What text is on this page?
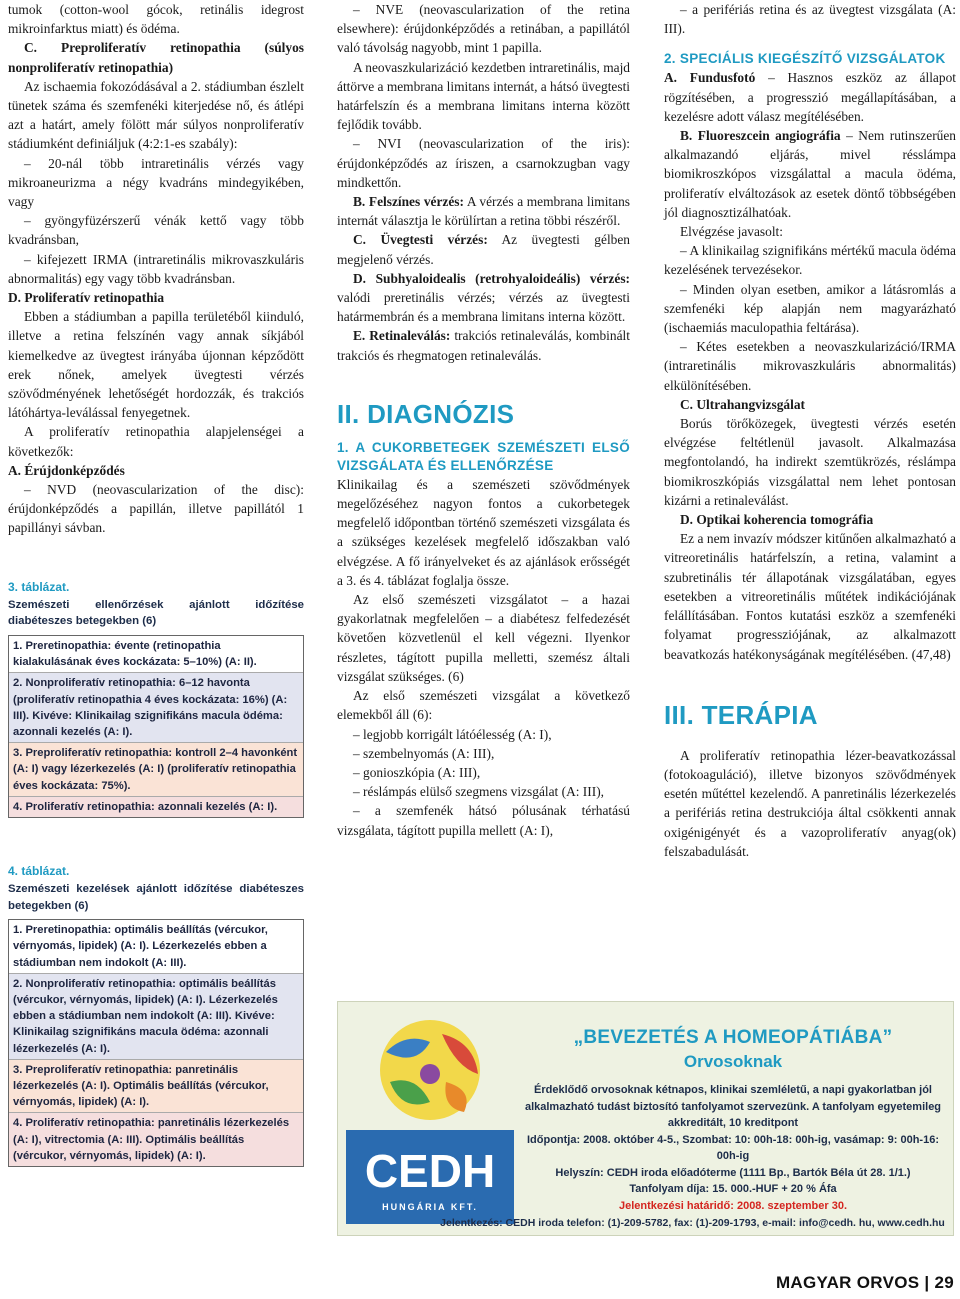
tumok (cotton-wool gócok, retinális idegrost mikroinfarktus miatt) és ödéma.

C. Preproliferatív retinopathia (súlyos nonproliferatív retinopathia)

Az ischaemia fokozódásával a 2. stádiumban észlelt tünetek száma és szemfenéki kiterjedése nő, és átlépi azt a határt, amely fölött már súlyos nonproliferatív stádiumként definiáljuk (4:2:1-es szabály):

– 20-nál több intraretinális vérzés vagy mikroaneurizma a négy kvadráns mindegyikében, vagy

– gyöngyfüzérszerű vénák kettő vagy több kvadránsban,

– kifejezett IRMA (intraretinális mikrovaszkuláris abnormalitás) egy vagy több kvadránsban.

D. Proliferatív retinopathia

Ebben a stádiumban a papilla területéből kiinduló, illetve a retina felszínén vagy annak síkjából kiemelkedve az üvegtest irányába újonnan képződött erek nőnek, amelyek üvegtesti vérzés szövődményének lehetőségét hordozzák, és trakciós látóhártya-leválással fenyegetnek.

A proliferatív retinopathia alapjelenségei a következők:

A. Érújdonképződés

– NVD (neovascularization of the disc): érújdonképződés a papillán, illetve papillától 1 papillányi sávban.

3. táblázat.
Szemészeti ellenőrzések ajánlott időzítése diabéteszes betegekben (6)
1. Preretinopathia: évente (retinopathia kialakulásának éves kockázata: 5–10%) (A: II).
2. Nonproliferatív retinopathia: 6–12 havonta (proliferatív retinopathia 4 éves kockázata: 16%) (A: III). Kivéve: Klinikailag szignifikáns macula ödéma: azonnali kezelés (A: I).
3. Preproliferatív retinopathia: kontroll 2–4 havonként (A: I) vagy lézerkezelés (A: I) (proliferatív retinopathia éves kockázata: 75%).
4. Proliferatív retinopathia: azonnali kezelés (A: I).
4. táblázat.
Szemészeti kezelések ajánlott időzítése diabéteszes betegekben (6)
1. Preretinopathia: optimális beállítás (vércukor, vérnyomás, lipidek) (A: I). Lézerkezelés ebben a stádiumban nem indokolt (A: III).
2. Nonproliferatív retinopathia: optimális beállítás (vércukor, vérnyomás, lipidek) (A: I). Lézerkezelés ebben a stádiumban nem indokolt (A: III). Kivéve: Klinikailag szignifikáns macula ödéma: azonnali lézerkezelés (A: I).
3. Preproliferatív retinopathia: panretinális lézerkezelés (A: I). Optimális beállítás (vércukor, vérnyomás, lipidek) (A: I).
4. Proliferatív retinopathia: panretinális lézerkezelés (A: I), vitrectomia (A: III). Optimális beállítás (vércukor, vérnyomás, lipidek) (A: I).

– NVE (neovascularization of the retina elsewhere): érújdonképződés a retinában, a papillától való távolság nagyobb, mint 1 papilla.

A neovaszkularizáció kezdetben intraretinális, majd áttörve a membrana limitans internát, a hátsó üvegtesti határfelszín és a membrana limitans interna között fejlődik tovább.

– NVI (neovascularization of the iris): érújdonképződés az íriszen, a csarnokzugban vagy mindkettőn.

B. Felszínes vérzés: A vérzés a membrana limitans internát választja le körülírtan a retina többi részéről.

C. Üvegtesti vérzés: Az üvegtesti gélben megjelenő vérzés.

D. Subhyaloidealis (retrohyaloideális) vérzés: valódi preretinális vérzés; vérzés az üvegtesti határmembrán és a membrana limitans interna között.

E. Retinaleválás: trakciós retinaleválás, kombinált trakciós és rhegmatogen retinaleválás.

II. DIAGNÓZIS
1. A CUKORBETEGEK SZEMÉSZETI ELSŐ VIZSGÁLATA ÉS ELLENŐRZÉSE

Klinikailag és a szemészeti szövődmények megelőzéséhez nagyon fontos a cukorbetegek megfelelő időpontban történő szemészeti vizsgálata és a szükséges kezelések megfelelő időszakban való elvégzése. A fő irányelveket és az ajánlások erősségét a 3. és 4. táblázat foglalja össze.

Az első szemészeti vizsgálatot – a hazai gyakorlatnak megfelelően – a diabétesz felfedezését követően közvetlenül el kell végezni. Ilyenkor részletes, tágított pupilla melletti, szemész általi vizsgálat szükséges. (6)

Az első szemészeti vizsgálat a következő elemekből áll (6):

– legjobb korrigált látóélesség (A: I),

– szembelnyomás (A: III),

– gonioszkópia (A: III),

– réslámpás elülső szegmens vizsgálat (A: III),

– a szemfenék hátsó pólusának térhatású vizsgálata, tágított pupilla mellett (A: I),

– a perifériás retina és az üvegtest vizsgálata (A: III).

2. SPECIÁLIS KIEGÉSZÍTŐ VIZSGÁLATOK

A. Fundusfotó – Hasznos eszköz az állapot rögzítésében, a progresszió megállapításában, a kezelésre adott válasz megítélésében.

B. Fluoreszcein angiográfia – Nem rutinszerűen alkalmazandó eljárás, mivel résslámpa biomikroszkópos vizsgálattal a macula ödéma, proliferatív elváltozások az esetek döntő többségében jól diagnosztizálhatóak.

Elvégzése javasolt:

– A klinikailag szignifikáns mértékű macula ödéma kezelésének tervezésekor.

– Minden olyan esetben, amikor a látásromlás a szemfenéki kép alapján nem magyarázható (ischaemiás maculopathia feltárása).

– Kétes esetekben a neovaszkularizáció/IRMA (intraretinális mikrovaszkuláris abnormalitás) elkülönítésében.

C. Ultrahangvizsgálat

Borús törőközegek, üvegtesti vérzés esetén elvégzése feltétlenül javasolt. Alkalmazása megfontolandó, ha indirekt szemtükrözés, réslámpa biomikroszkópiás vizsgálattal nem lehet pontosan kizárni a retinaleválást.

D. Optikai koherencia tomográfia

Ez a nem invazív módszer kitűnően alkalmazható a vitreoretinális határfelszín, a retina, valamint a szubretinális tér állapotának vizsgálatában, egyes esetekben a vitreoretinális műtétek indikációjának felállításában. Fontos kutatási eszköz a szemfenéki folyamat progressziójának, az alkalmazott beavatkozás hatékonyságának megítélésében. (47,48)

III. TERÁPIA

A proliferatív retinopathia lézer-beavatkozással (fotokoaguláció), illetve bizonyos szövődmények esetén műtéttel kezelendő. A panretinális lézerkezelés a perifériás retina destrukciója által csökkenti annak oxigénigényét és a vazoproliferatív anyag(ok) felszabadulását.

CEDH
HUNGÁRIA KFT.
„BEVEZETÉS A HOMEOPÁTIÁBA”
Orvosoknak
Érdeklődő orvosoknak kétnapos, klinikai szemléletű, a napi gyakorlatban jól alkalmazható tudást biztosító tanfolyamot szervezünk. A tanfolyam egyetemileg akkreditált, 10 kreditpont
Időpontja: 2008. október 4-5., Szombat: 10: 00h-18: 00h-ig, vasámap: 9: 00h-16: 00h-ig
Helyszín: CEDH iroda előadóterme (1111 Bp., Bartók Béla út 28. 1/1.)
Tanfolyam díja: 15. 000.-HUF + 20 % Áfa
Jelentkezési határidő: 2008. szeptember 30.
Jelentkezés: CEDH iroda telefon: (1)-209-5782, fax: (1)-209-1793, e-mail: info@cedh. hu, www.cedh.hu
MAGYAR ORVOS | 29
